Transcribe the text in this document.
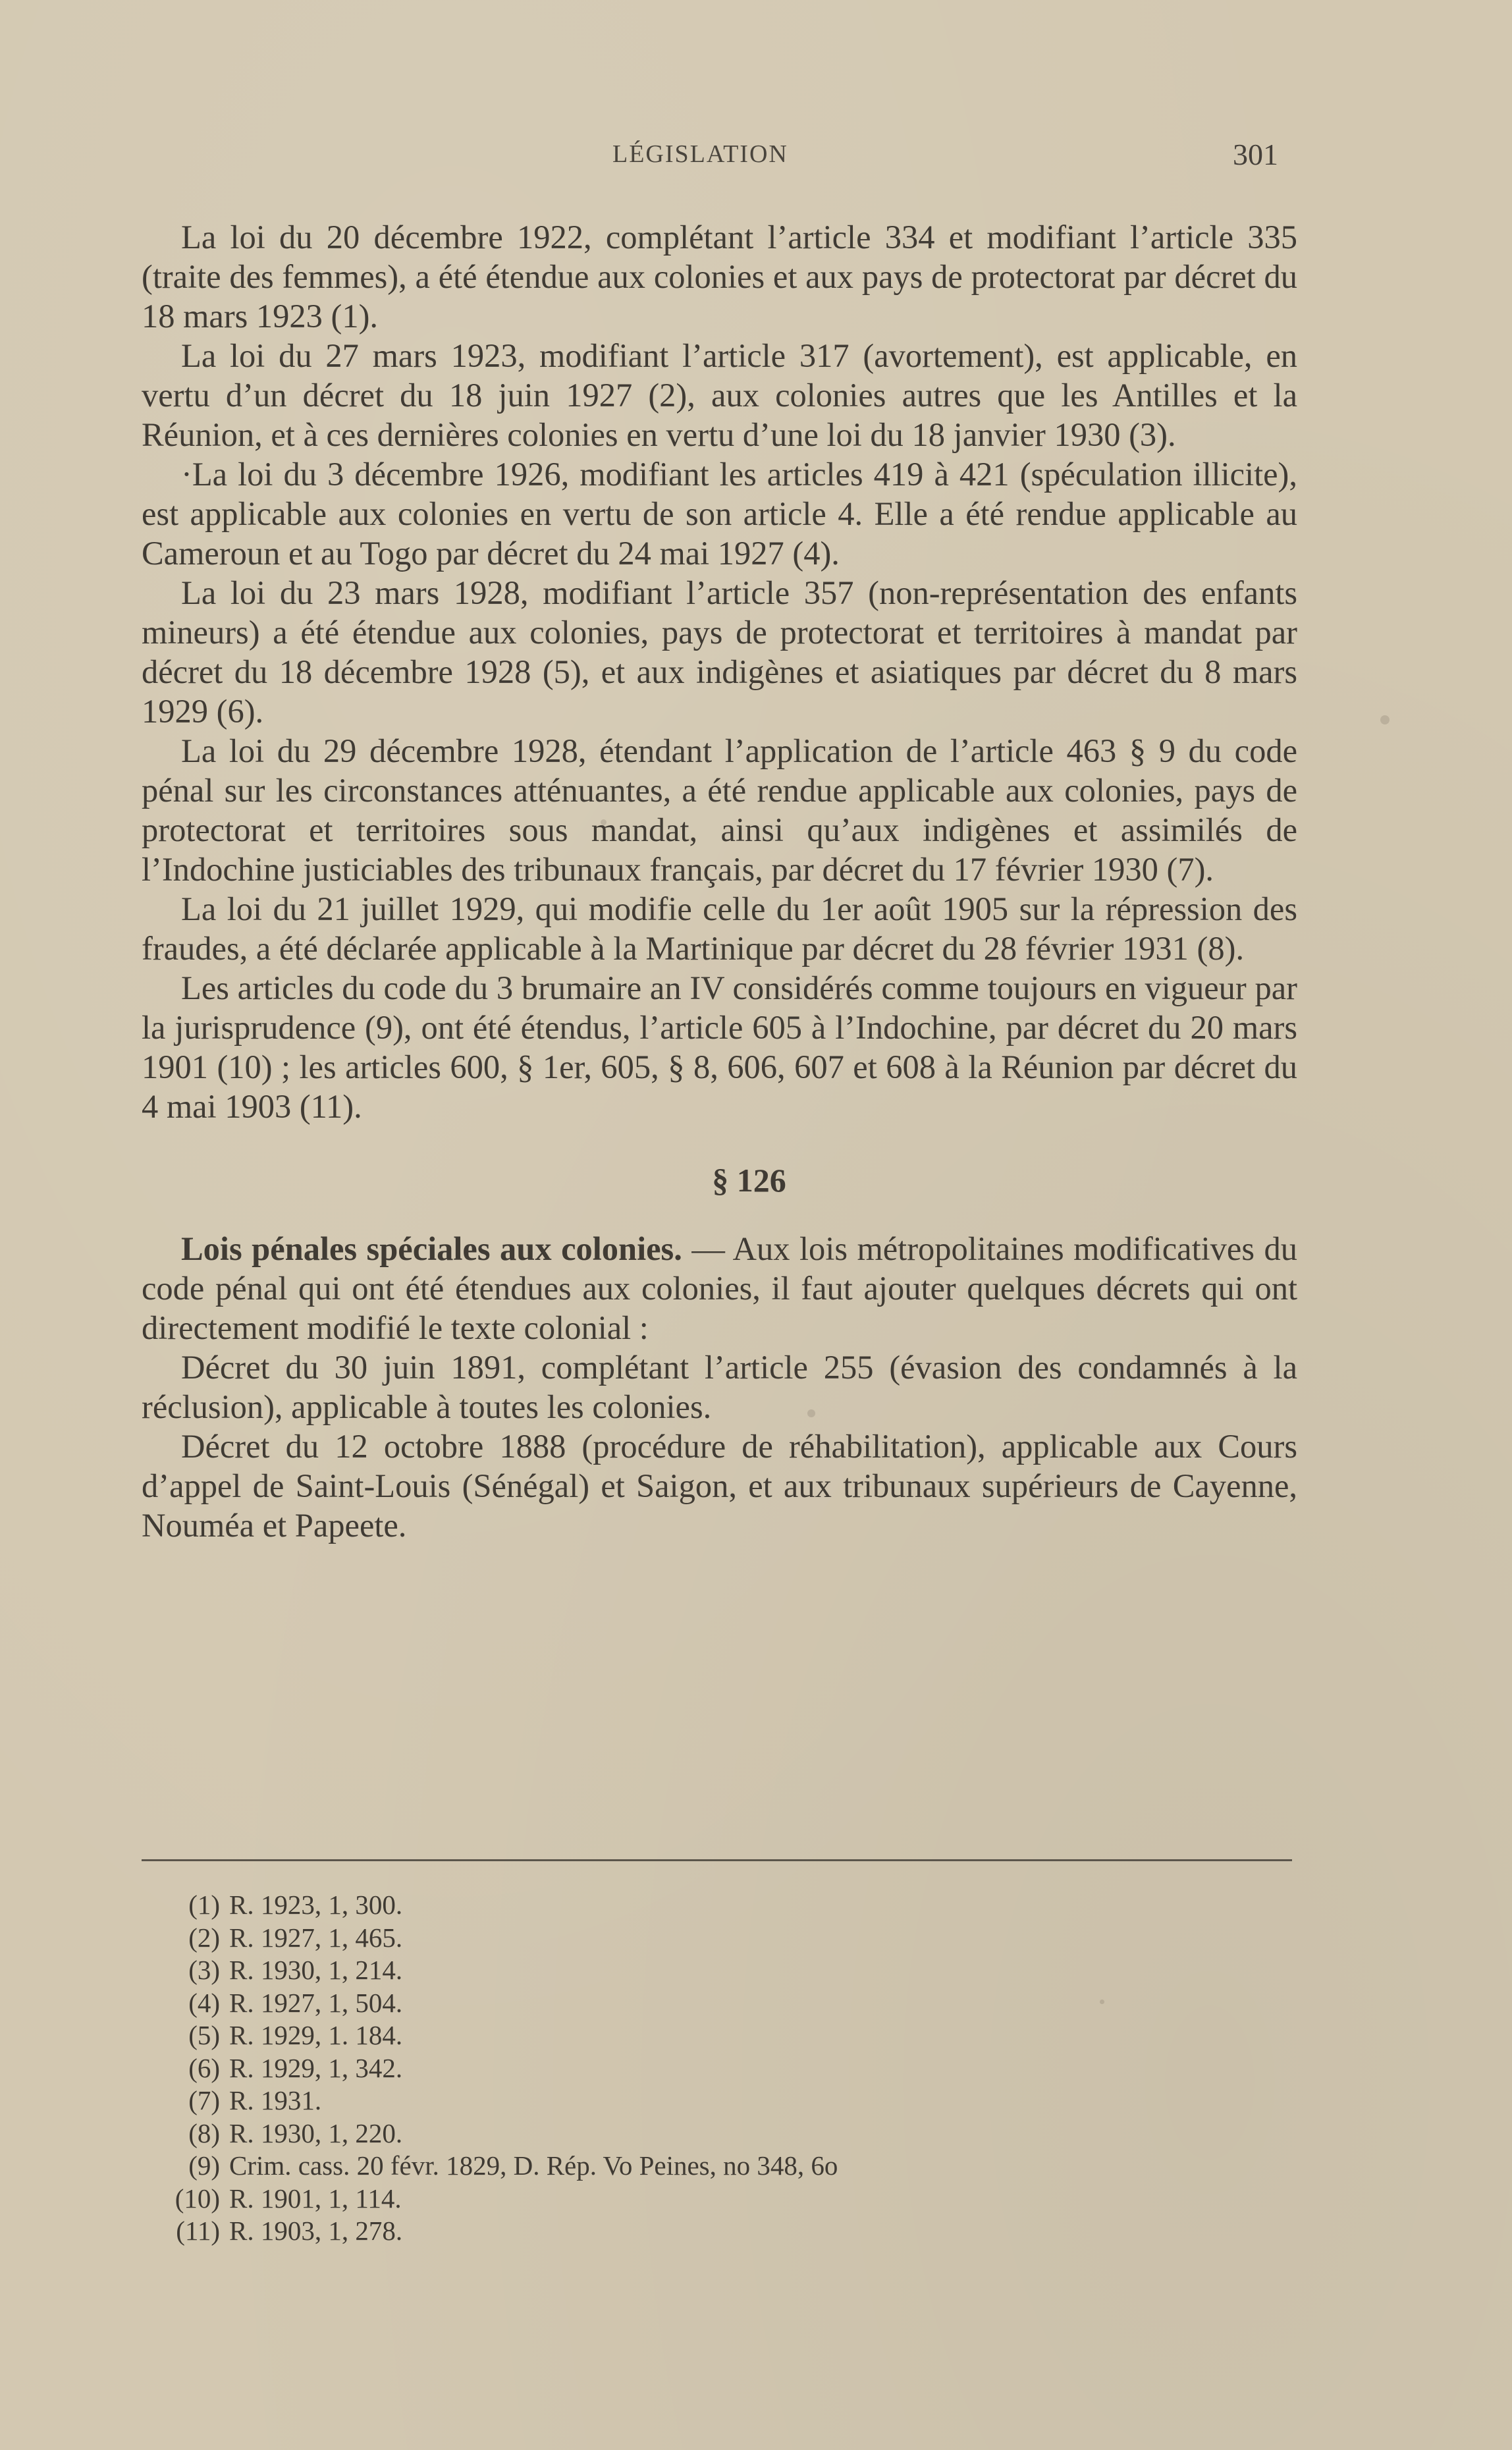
LÉGISLATION	301

La loi du 20 décembre 1922, complétant l’article 334 et modifiant l’article 335 (traite des femmes), a été étendue aux colonies et aux pays de protectorat par décret du 18 mars 1923 (1).

La loi du 27 mars 1923, modifiant l’article 317 (avortement), est applicable, en vertu d’un décret du 18 juin 1927 (2), aux colonies autres que les Antilles et la Réunion, et à ces dernières colonies en vertu d’une loi du 18 janvier 1930 (3).

·La loi du 3 décembre 1926, modifiant les articles 419 à 421 (spéculation illicite), est applicable aux colonies en vertu de son article 4. Elle a été rendue applicable au Cameroun et au Togo par décret du 24 mai 1927 (4).

La loi du 23 mars 1928, modifiant l’article 357 (non-représentation des enfants mineurs) a été étendue aux colonies, pays de protectorat et territoires à mandat par décret du 18 décembre 1928 (5), et aux indigènes et asiatiques par décret du 8 mars 1929 (6).

La loi du 29 décembre 1928, étendant l’application de l’article 463 § 9 du code pénal sur les circonstances atténuantes, a été rendue applicable aux colonies, pays de protectorat et territoires sous mandat, ainsi qu’aux indigènes et assimilés de l’Indochine justiciables des tribunaux français, par décret du 17 février 1930 (7).

La loi du 21 juillet 1929, qui modifie celle du 1er août 1905 sur la répression des fraudes, a été déclarée applicable à la Martinique par décret du 28 février 1931 (8).

Les articles du code du 3 brumaire an IV considérés comme toujours en vigueur par la jurisprudence (9), ont été étendus, l’article 605 à l’Indochine, par décret du 20 mars 1901 (10) ; les articles 600, § 1er, 605, § 8, 606, 607 et 608 à la Réunion par décret du 4 mai 1903 (11).

§ 126

Lois pénales spéciales aux colonies. — Aux lois métropolitaines modificatives du code pénal qui ont été étendues aux colonies, il faut ajouter quelques décrets qui ont directement modifié le texte colonial :

Décret du 30 juin 1891, complétant l’article 255 (évasion des condamnés à la réclusion), applicable à toutes les colonies.

Décret du 12 octobre 1888 (procédure de réhabilitation), applicable aux Cours d’appel de Saint-Louis (Sénégal) et Saigon, et aux tribunaux supérieurs de Cayenne, Nouméa et Papeete.

(1) R. 1923, 1, 300.
(2) R. 1927, 1, 465.
(3) R. 1930, 1, 214.
(4) R. 1927, 1, 504.
(5) R. 1929, 1. 184.
(6) R. 1929, 1, 342.
(7) R. 1931.
(8) R. 1930, 1, 220.
(9) Crim. cass. 20 févr. 1829, D. Rép. Vo Peines, no 348, 6o
(10) R. 1901, 1, 114.
(11) R. 1903, 1, 278.
